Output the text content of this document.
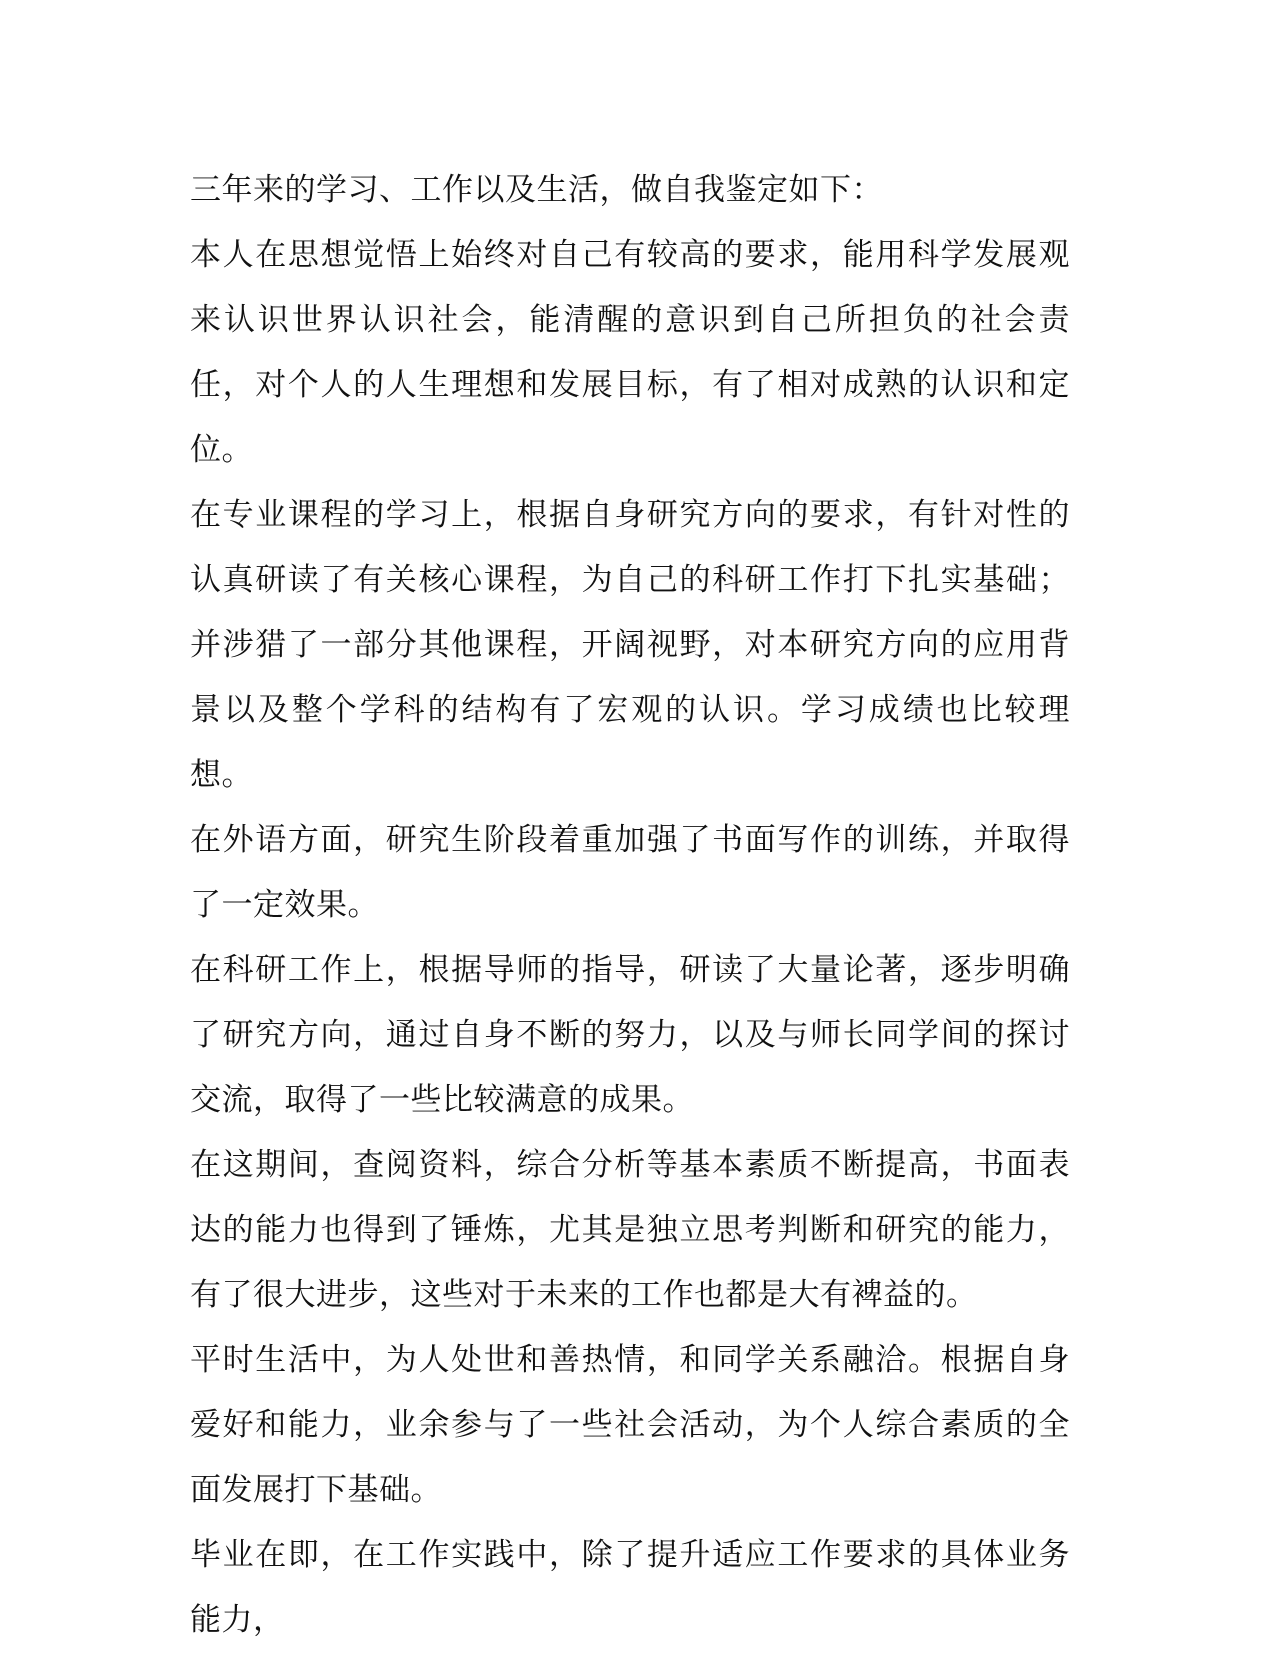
三年来的学习、工作以及生活，做自我鉴定如下：

本人在思想觉悟上始终对自己有较高的要求，能用科学发展观来认识世界认识社会，能清醒的意识到自己所担负的社会责任，对个人的人生理想和发展目标，有了相对成熟的认识和定位。

在专业课程的学习上，根据自身研究方向的要求，有针对性的认真研读了有关核心课程，为自己的科研工作打下扎实基础；并涉猎了一部分其他课程，开阔视野，对本研究方向的应用背景以及整个学科的结构有了宏观的认识。学习成绩也比较理想。

在外语方面，研究生阶段着重加强了书面写作的训练，并取得了一定效果。

在科研工作上，根据导师的指导，研读了大量论著，逐步明确了研究方向，通过自身不断的努力，以及与师长同学间的探讨交流，取得了一些比较满意的成果。

在这期间，查阅资料，综合分析等基本素质不断提高，书面表达的能力也得到了锤炼，尤其是独立思考判断和研究的能力，有了很大进步，这些对于未来的工作也都是大有裨益的。

平时生活中，为人处世和善热情，和同学关系融洽。根据自身爱好和能力，业余参与了一些社会活动，为个人综合素质的全面发展打下基础。

毕业在即，在工作实践中，除了提升适应工作要求的具体业务能力，
